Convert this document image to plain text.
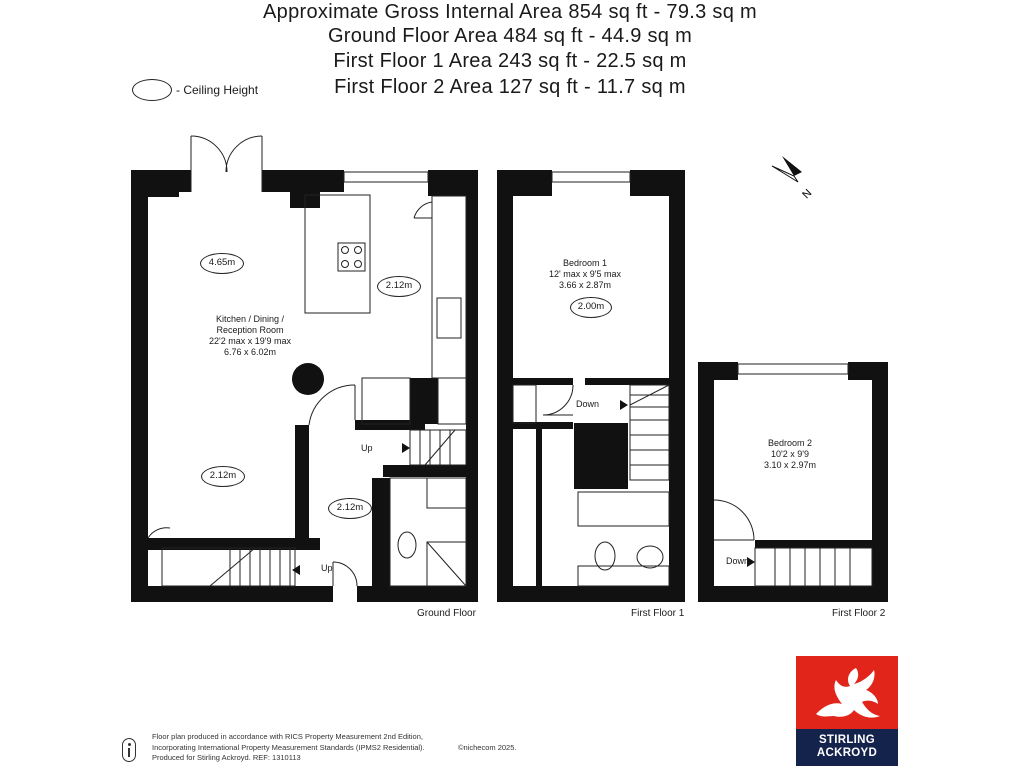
Approximate Gross Internal Area 854 sq ft - 79.3 sq m
Ground Floor Area 484 sq ft - 44.9 sq m
First Floor 1 Area 243 sq ft - 22.5 sq m
First Floor 2 Area 127 sq ft - 11.7 sq m
- Ceiling Height
N
4.65m
2.12m
2.12m
2.12m
Kitchen / Dining /
Reception Room
22'2 max x 19'9 max
6.76 x 6.02m
Up
Up
Ground Floor
Bedroom 1
12' max x 9'5 max
3.66 x 2.87m
2.00m
Down
First Floor 1
Bedroom 2
10'2 x 9'9
3.10 x 2.97m
Down
First Floor 2
Floor plan produced in accordance with RICS Property Measurement 2nd Edition,
Incorporating International Property Measurement Standards (IPMS2 Residential).
Produced for Stirling Ackroyd. REF: 1310113
©nichecom 2025.
STIRLING
ACKROYD
